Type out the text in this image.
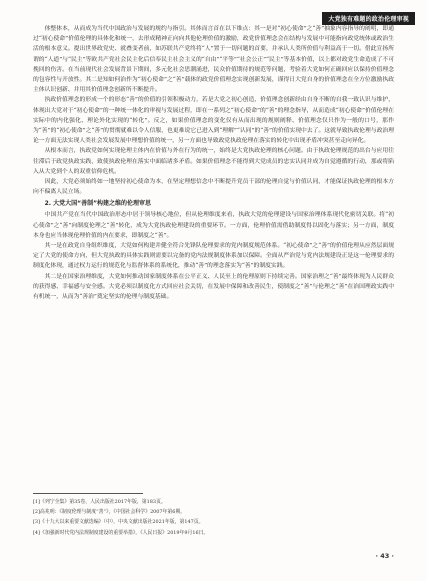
大党独有难题的政治伦理审视

体整体本，从而成为当代中国政治与发展的规约与指引。其体而言首在以下维点：其一是对“初心使命”之“善”抽象内容指导的阐明，即通过“初心使命”价值伦理的具体化和统一，去形成精神正向向其他伦理价值的激励，政党价值理念会在结构与发展中可能指向政党统体或政治生活的根本意义。提出世界政党史、就叠变者前，如苏联共产党终将“人”置于一切问题的首要，并承认人类所价值与利益高于一切。借此宣扬所谓的“人道”与“民主”等欧共产党社会民主化后信奉民主社会主义的“自由”“平等”“社会公正”“民主”等基本价值，以上都对政党生命造成了不可挽回的伤害。在当前现代社会发展背景下期间，多元化社会思潮涌进，民众价值期待的规范等问题，考验着大党如何正确回应以保持价值理念的包容性与开放性。其二是知如何治作为“初心使命”之“善”载体的政党价值理念实现创新发展，谨得日大党自身的价值理念在全方位激励执政主体认识创新、并用其价值理念创新所不断提升。

执政价值理念的形成一个的形态“善”的价值的引领积极动力，若是大党之初心创造，价值理念创新经由自身不断的自我一致认识与维护，体现出大党对于“初心使命”的一种统一体化的审视与发展过程，即在一系列之“初心使命”的“善”的理念指导，从而造成“初心使命”价值伦理在实际中的内化强化、理论外化实现的“转化”。反之，如果价值理念的变化仅有从而出现的规则阐释、价值理念仅只作为一般的口号，那作为“善”的“初心使命”之“善”的贯彻就难以令人信服，也更难说它已进入到“理解”“认同”的“善”的价值实现中去了。这就导致执政伦理与政治理论一方面无法实现人类社会发展发展中理想价值的统一，另一方面也导致政党执政伦理在落实的转化中出现矛盾冲突甚至走向异化。

从根本而言，执政党如何实现伦理主体内在价值与外在行为的统一，始终是大党执政伦理的核心问题。由于执政伦理规范的出台与应用往往滞后于政党执政实践，致使执政伦理在落实中面临诸多矛盾。如果价值理念不能得到大党成员的忠实认同并成为自觉遵循的行动，那或将陷入从大党到个人的双重信仰危机。

因此，大党必须始终如一地坚持初心使命为本，在坚定理想信念中不断提升党员干部的伦理自觉与价值认同，才能保证执政伦理的根本方向不偏离人民立场。

2. 大党大国“善制”构建之维的伦理审思

中国共产党在当代中国政治形态中居于领导核心地位，但从伦理维度来看，执政大党的伦理建设与国家治理体系现代化密切关联。将“初心使命”之“善”向制度伦理之“善”转化，成为大党执政伦理建设的重要环节。一方面，伦理价值需借助制度得以固化与落实；另一方面，制度本身也应当体现伦理价值的内在要求，即制度之“善”。

其一是在政党自身组织维度，大党如何构建并健全符合先锋队伦理要求的党内制度规范体系。“初心使命”之“善”的价值伦理从应然层面规定了大党的使命方向，但大党执政的具体实践则需要以完备的党内法规制度体系加以保障。全面从严治党与党内法规建设正是这一伦理要求的制度化体现，通过权力运行的规范化与监督体系的系统化，推动“善”的理念落实为“善”的制度实践。

其二是在国家治理维度，大党如何推动国家制度体系在公平正义、人民至上的伦理原则下持续完善。国家治理之“善”最终体现为人民群众的获得感、幸福感与安全感。大党必须以制度化方式回应社会关切，在发展中保障和改善民生，使制度之“善”与伦理之“善”在治国理政实践中有机统一，从而为“善治”奠定坚实的伦理与制度基础。

[1]《列宁全集》第35卷，人民出版社2017年版，第183页。

[2]高兆明：《制度伦理与制度“善”》，《中国社会科学》2007年第6期。

[3]《十九大以来重要文献选编》（中），中央文献出版社2021年版，第147页。

[4]《加强新时代党内法规制度建设的重要举措》，《人民日报》2019年9月16日。

· 43 ·
